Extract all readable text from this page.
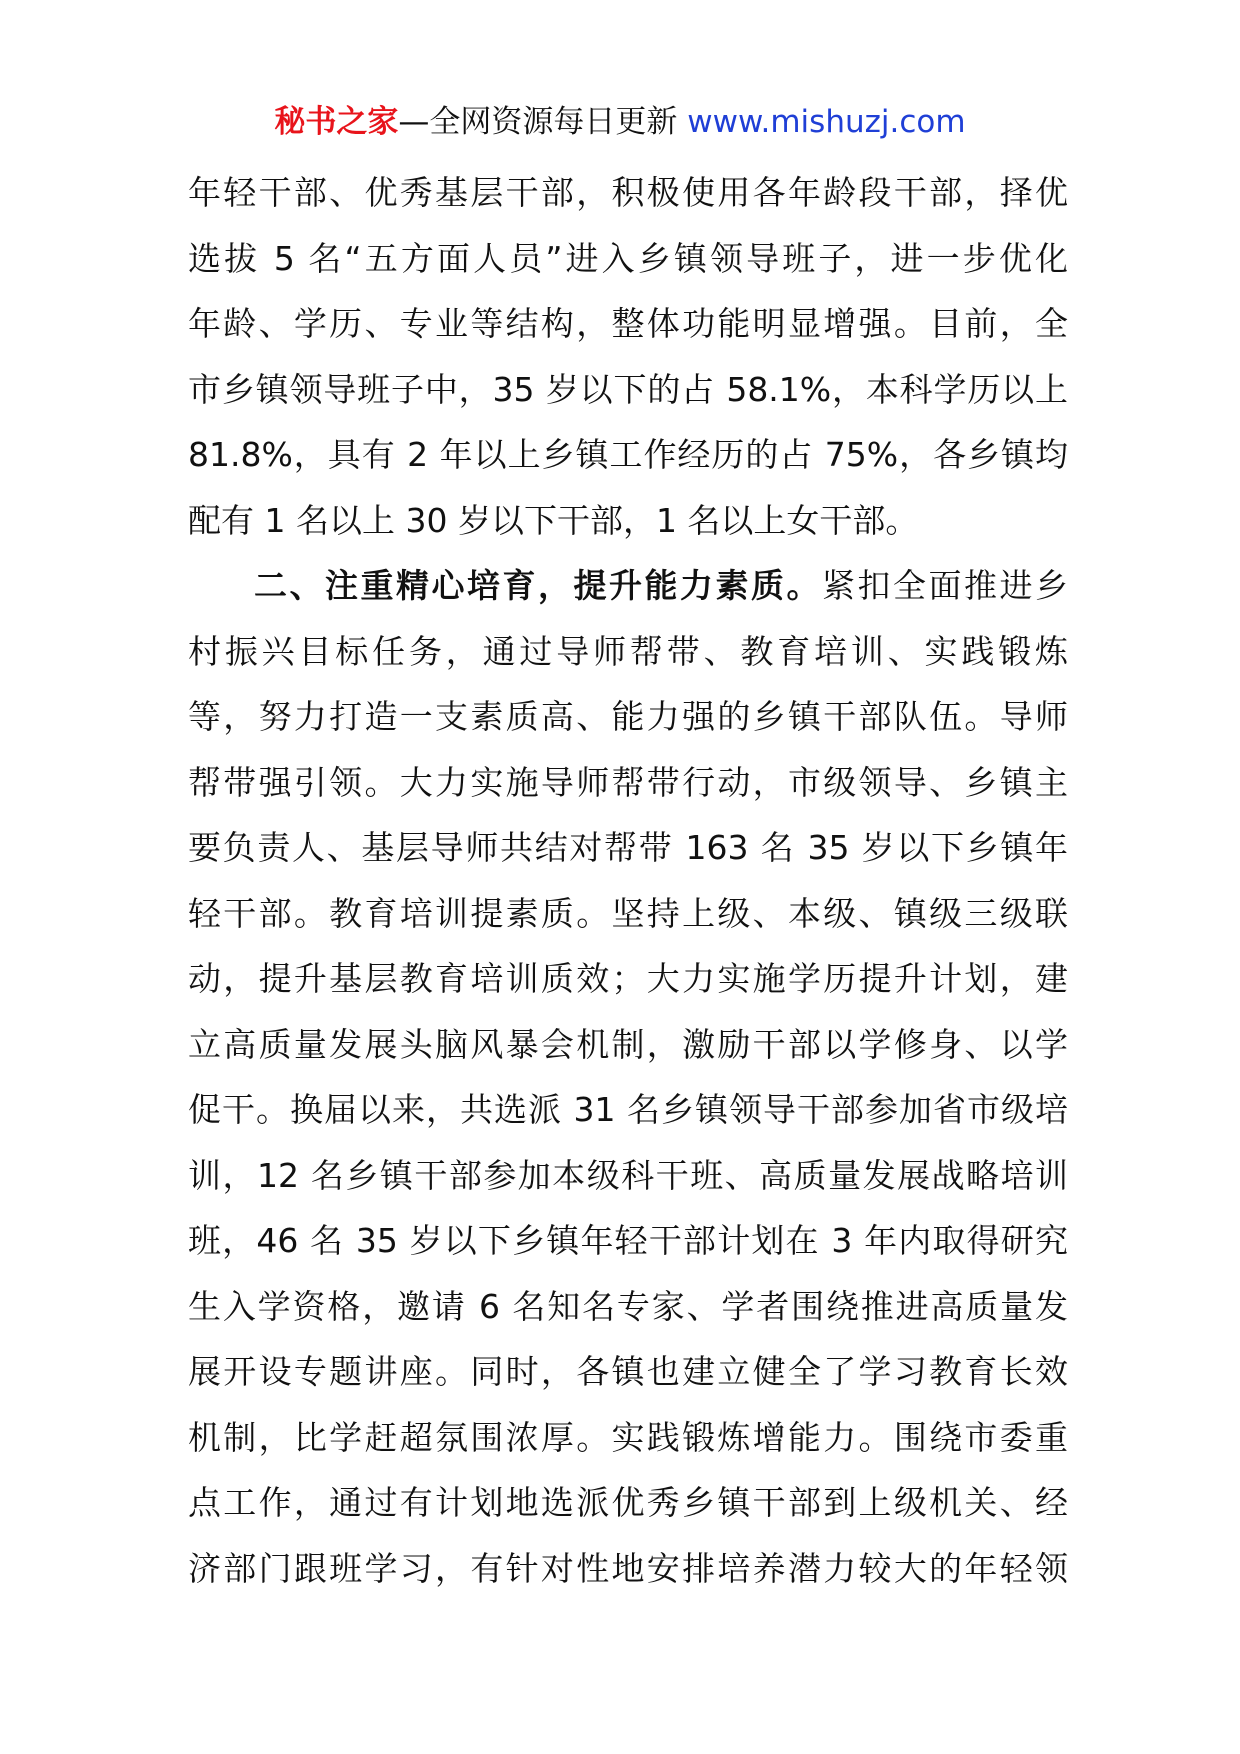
秘书之家—全网资源每日更新 www.mishuzj.com
年轻干部、优秀基层干部，积极使用各年龄段干部，择优
选拔 5 名“五方面人员”进入乡镇领导班子，进一步优化
年龄、学历、专业等结构，整体功能明显增强。目前，全
市乡镇领导班子中，35 岁以下的占 58.1%，本科学历以上
81.8%，具有 2 年以上乡镇工作经历的占 75%，各乡镇均
配有 1 名以上 30 岁以下干部，1 名以上女干部。
二、注重精心培育，提升能力素质。紧扣全面推进乡
村振兴目标任务，通过导师帮带、教育培训、实践锻炼
等，努力打造一支素质高、能力强的乡镇干部队伍。导师
帮带强引领。大力实施导师帮带行动，市级领导、乡镇主
要负责人、基层导师共结对帮带 163 名 35 岁以下乡镇年
轻干部。教育培训提素质。坚持上级、本级、镇级三级联
动，提升基层教育培训质效；大力实施学历提升计划，建
立高质量发展头脑风暴会机制，激励干部以学修身、以学
促干。换届以来，共选派 31 名乡镇领导干部参加省市级培
训，12 名乡镇干部参加本级科干班、高质量发展战略培训
班，46 名 35 岁以下乡镇年轻干部计划在 3 年内取得研究
生入学资格，邀请 6 名知名专家、学者围绕推进高质量发
展开设专题讲座。同时，各镇也建立健全了学习教育长效
机制，比学赶超氛围浓厚。实践锻炼增能力。围绕市委重
点工作，通过有计划地选派优秀乡镇干部到上级机关、经
济部门跟班学习，有针对性地安排培养潜力较大的年轻领
